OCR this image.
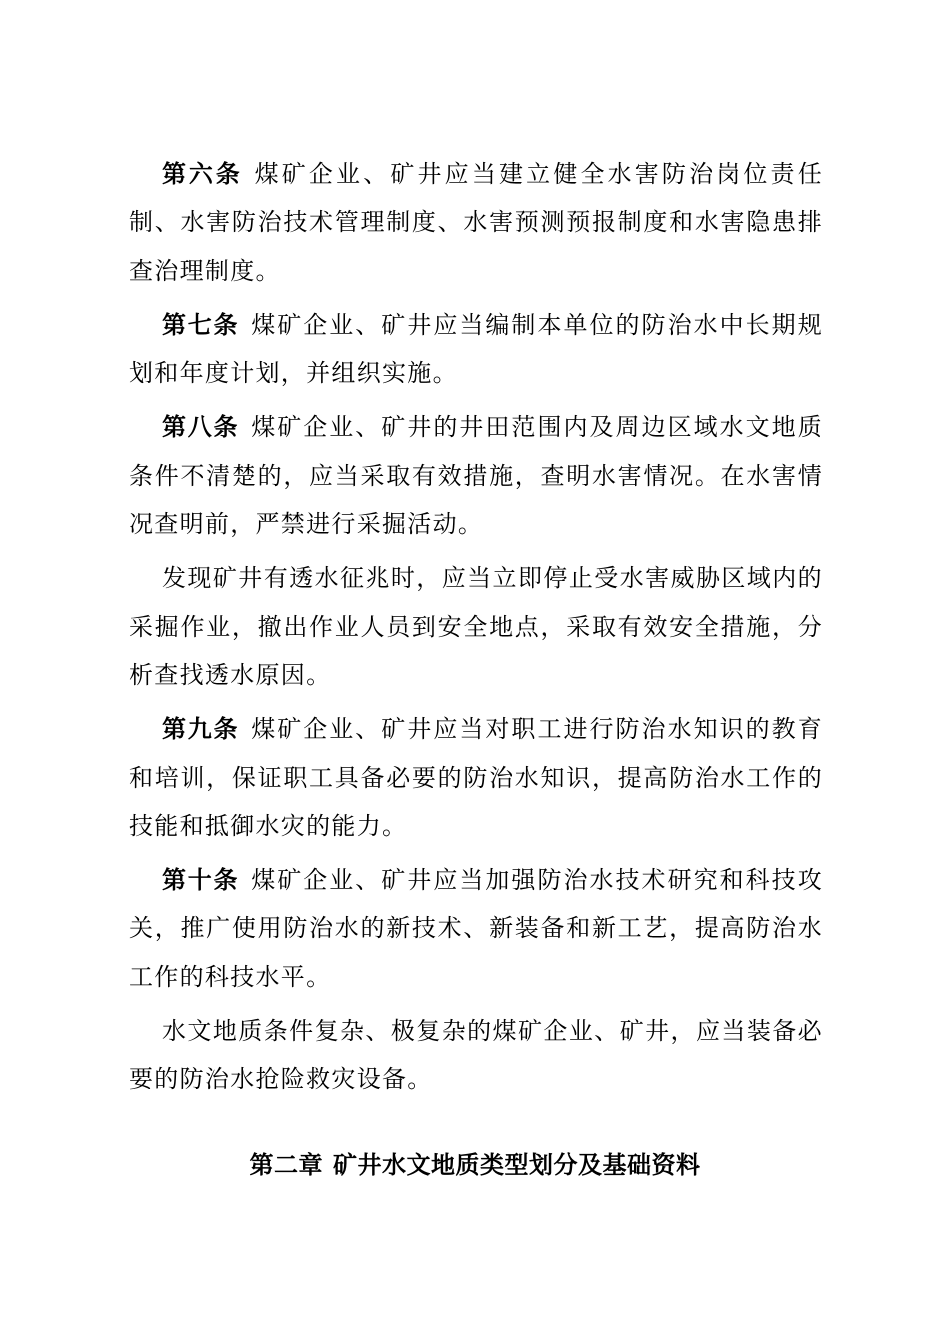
第六条 煤矿企业、矿井应当建立健全水害防治岗位责任制、水害防治技术管理制度、水害预测预报制度和水害隐患排查治理制度。

第七条 煤矿企业、矿井应当编制本单位的防治水中长期规划和年度计划，并组织实施。

第八条 煤矿企业、矿井的井田范围内及周边区域水文地质条件不清楚的，应当采取有效措施，查明水害情况。在水害情况查明前，严禁进行采掘活动。

发现矿井有透水征兆时，应当立即停止受水害威胁区域内的采掘作业，撤出作业人员到安全地点，采取有效安全措施，分析查找透水原因。

第九条 煤矿企业、矿井应当对职工进行防治水知识的教育和培训，保证职工具备必要的防治水知识，提高防治水工作的技能和抵御水灾的能力。

第十条 煤矿企业、矿井应当加强防治水技术研究和科技攻关，推广使用防治水的新技术、新装备和新工艺，提高防治水工作的科技水平。

水文地质条件复杂、极复杂的煤矿企业、矿井，应当装备必要的防治水抢险救灾设备。

第二章 矿井水文地质类型划分及基础资料
